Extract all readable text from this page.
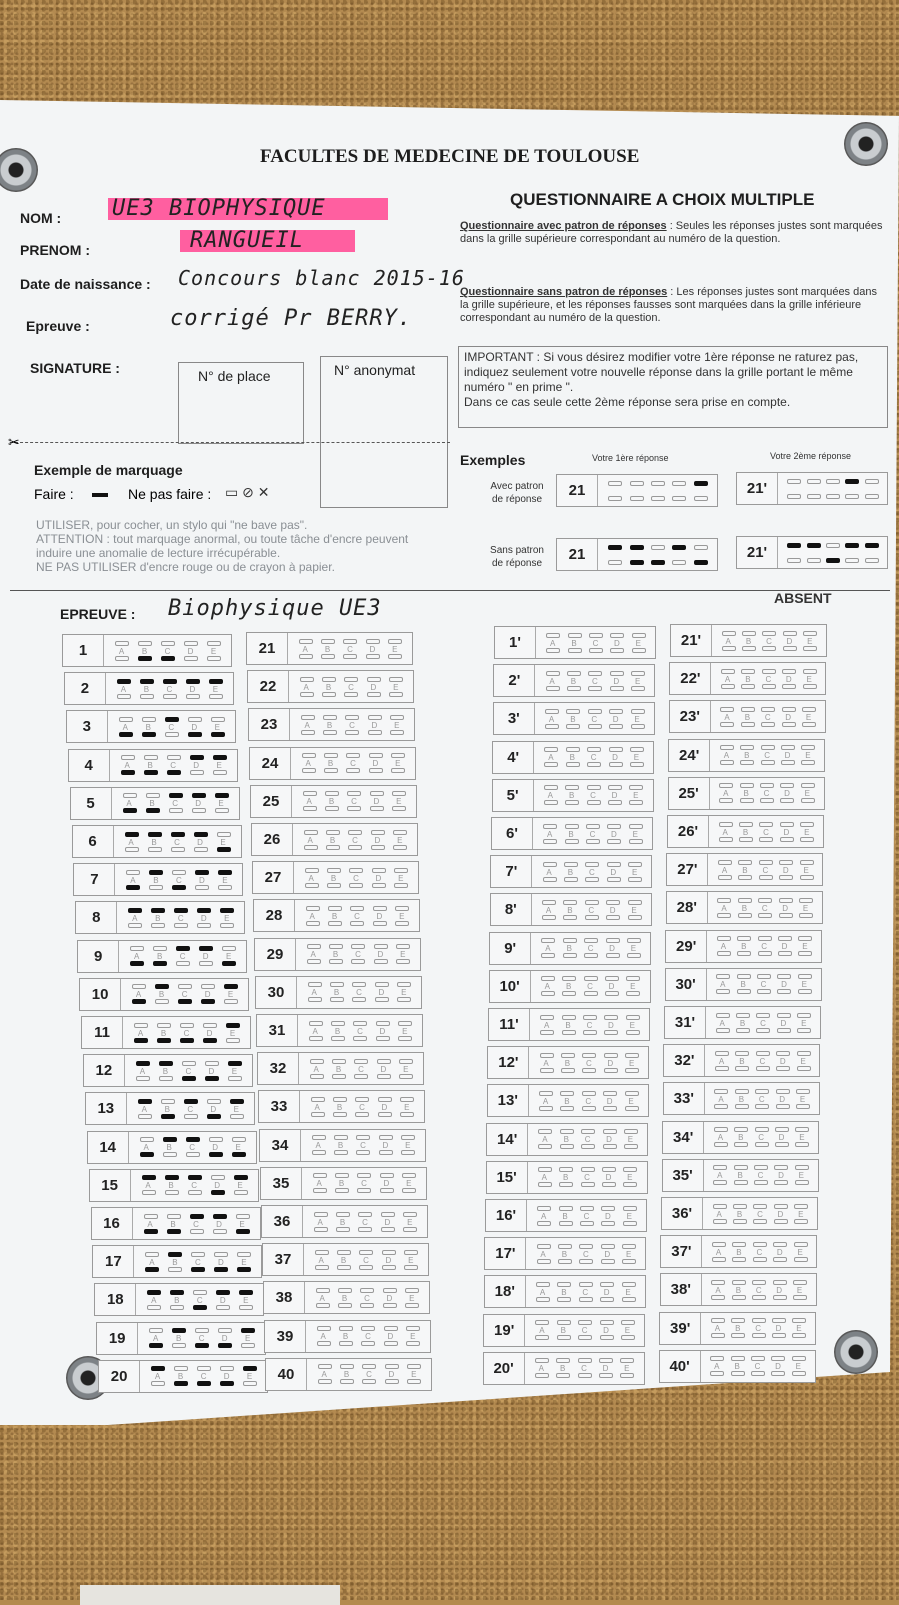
FACULTES DE MEDECINE DE TOULOUSE
QUESTIONNAIRE A CHOIX MULTIPLE
NOM : UE3 BIOPHYSIQUE
PRENOM :	RANGUEIL
Date de naissance : Concours blanc 2015-16
Epreuve :	corrigé Pr BERRY.
SIGNATURE :	N° de place	N° anonymat
Questionnaire avec patron de réponses : Seules les réponses justes sont marquées dans la grille supérieure correspondant au numéro de la question.
Questionnaire sans patron de réponses : Les réponses justes sont marquées dans la grille supérieure, et les réponses fausses sont marquées dans la grille inférieure correspondant au numéro de la question.
IMPORTANT : Si vous désirez modifier votre 1ère réponse ne raturez pas, indiquez seulement votre nouvelle réponse dans la grille portant le même numéro " en prime ".
Dans ce cas seule cette 2ème réponse sera prise en compte.
✂
Exemple de marquage
Faire :	Ne pas faire : ▭ ⊘ ✕
UTILISER, pour cocher, un stylo qui "ne bave pas".
ATTENTION : tout marquage anormal, ou toute tâche d'encre peuvent induire une anomalie de lecture irrécupérable.
NE PAS UTILISER d'encre rouge ou de crayon à papier.
Exemples	Votre 1ère réponse	Votre 2ème réponse
Avec patron de réponse
Sans patron de réponse
21	21'
21	21'
EPREUVE : Biophysique UE3	ABSENT
1	A	B	C	D	E
2	A	B	C	D	E
3	A	B	C	D	E
4	A	B	C	D	E
5	A	B	C	D	E
6	A	B	C	D	E
7	A	B	C	D	E
8	A	B	C	D	E
9	A	B	C	D	E
10	A	B	C	D	E
11	A	B	C	D	E
12	A	B	C	D	E
13	A	B	C	D	E
14	A	B	C	D	E
15	A	B	C	D	E
16	A	B	C	D	E
17	A	B	C	D	E
18	A	B	C	D	E
19	A	B	C	D	E
20	A	B	C	D	E
21	A	B	C	D	E
22	A	B	C	D	E
23	A	B	C	D	E
24	A	B	C	D	E
25	A	B	C	D	E
26	A	B	C	D	E
27	A	B	C	D	E
28	A	B	C	D	E
29	A	B	C	D	E
30	A	B	C	D	E
31	A	B	C	D	E
32	A	B	C	D	E
33	A	B	C	D	E
34	A	B	C	D	E
35	A	B	C	D	E
36	A	B	C	D	E
37	A	B	C	D	E
38	A	B	C	D	E
39	A	B	C	D	E
40	A	B	C	D	E
1'	A	B	C	D	E
2'	A	B	C	D	E
3'	A	B	C	D	E
4'	A	B	C	D	E
5'	A	B	C	D	E
6'	A	B	C	D	E
7'	A	B	C	D	E
8'	A	B	C	D	E
9'	A	B	C	D	E
10'	A	B	C	D	E
11'	A	B	C	D	E
12'	A	B	C	D	E
13'	A	B	C	D	E
14'	A	B	C	D	E
15'	A	B	C	D	E
16'	A	B	C	D	E
17'	A	B	C	D	E
18'	A	B	C	D	E
19'	A	B	C	D	E
20'	A	B	C	D	E
21'	A	B	C	D	E
22'	A	B	C	D	E
23'	A	B	C	D	E
24'	A	B	C	D	E
25'	A	B	C	D	E
26'	A	B	C	D	E
27'	A	B	C	D	E
28'	A	B	C	D	E
29'	A	B	C	D	E
30'	A	B	C	D	E
31'	A	B	C	D	E
32'	A	B	C	D	E
33'	A	B	C	D	E
34'	A	B	C	D	E
35'	A	B	C	D	E
36'	A	B	C	D	E
37'	A	B	C	D	E
38'	A	B	C	D	E
39'	A	B	C	D	E
40'	A	B	C	D	E
